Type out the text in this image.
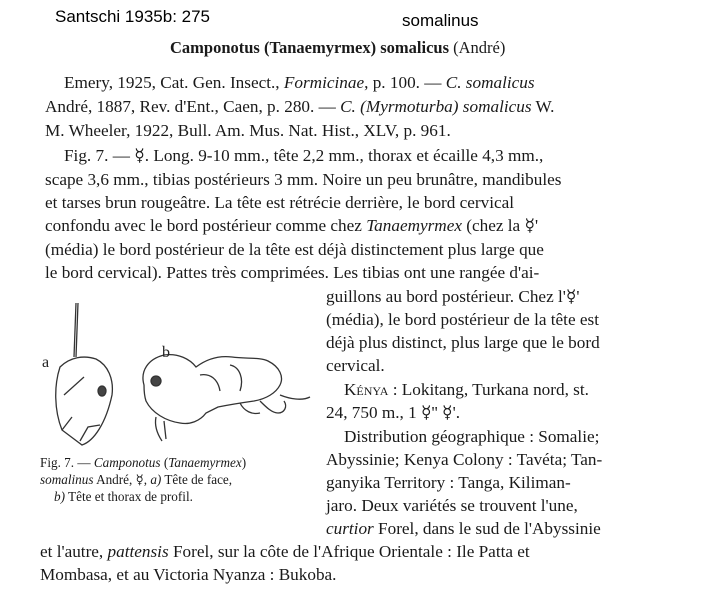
Santschi 1935b: 275	somalinus
Camponotus (Tanaemyrmex) somalicus (André)
Emery, 1925, Cat. Gen. Insect., Formicinae, p. 100. — C. somalicus
André, 1887, Rev. d'Ent., Caen, p. 280. — C. (Myrmoturba) somalicus W.
M. Wheeler, 1922, Bull. Am. Mus. Nat. Hist., XLV, p. 961.
Fig. 7. — ☿. Long. 9-10 mm., tête 2,2 mm., thorax et écaille 4,3 mm.,
scape 3,6 mm., tibias postérieurs 3 mm. Noire un peu brunâtre, mandibules
et tarses brun rougeâtre. La tête est rétrécie derrière, le bord cervical
confondu avec le bord postérieur comme chez Tanaemyrmex (chez la ☿'
(média) le bord postérieur de la tête est déjà distinctement plus large que
le bord cervical). Pattes très comprimées. Les tibias ont une rangée d'ai-
guillons au bord postérieur. Chez l'☿'
(média), le bord postérieur de la tête est
déjà plus distinct, plus large que le bord
cervical.
Kénya : Lokitang, Turkana nord, st.
24, 750 m., 1 ☿'' ☿'.
Distribution géographique : Somalie;
Abyssinie; Kenya Colony : Tavéta; Tan-
ganyika Territory : Tanga, Kiliman-
jaro. Deux variétés se trouvent l'une,
curtior Forel, dans le sud de l'Abyssinie
et l'autre, pattensis Forel, sur la côte de l'Afrique Orientale : Ile Patta et
Mombasa, et au Victoria Nyanza : Bukoba.
a
b
Fig. 7. — Camponotus (Tanaemyrmex)
somalinus André, ☿, a) Tête de face,
b) Tête et thorax de profil.
